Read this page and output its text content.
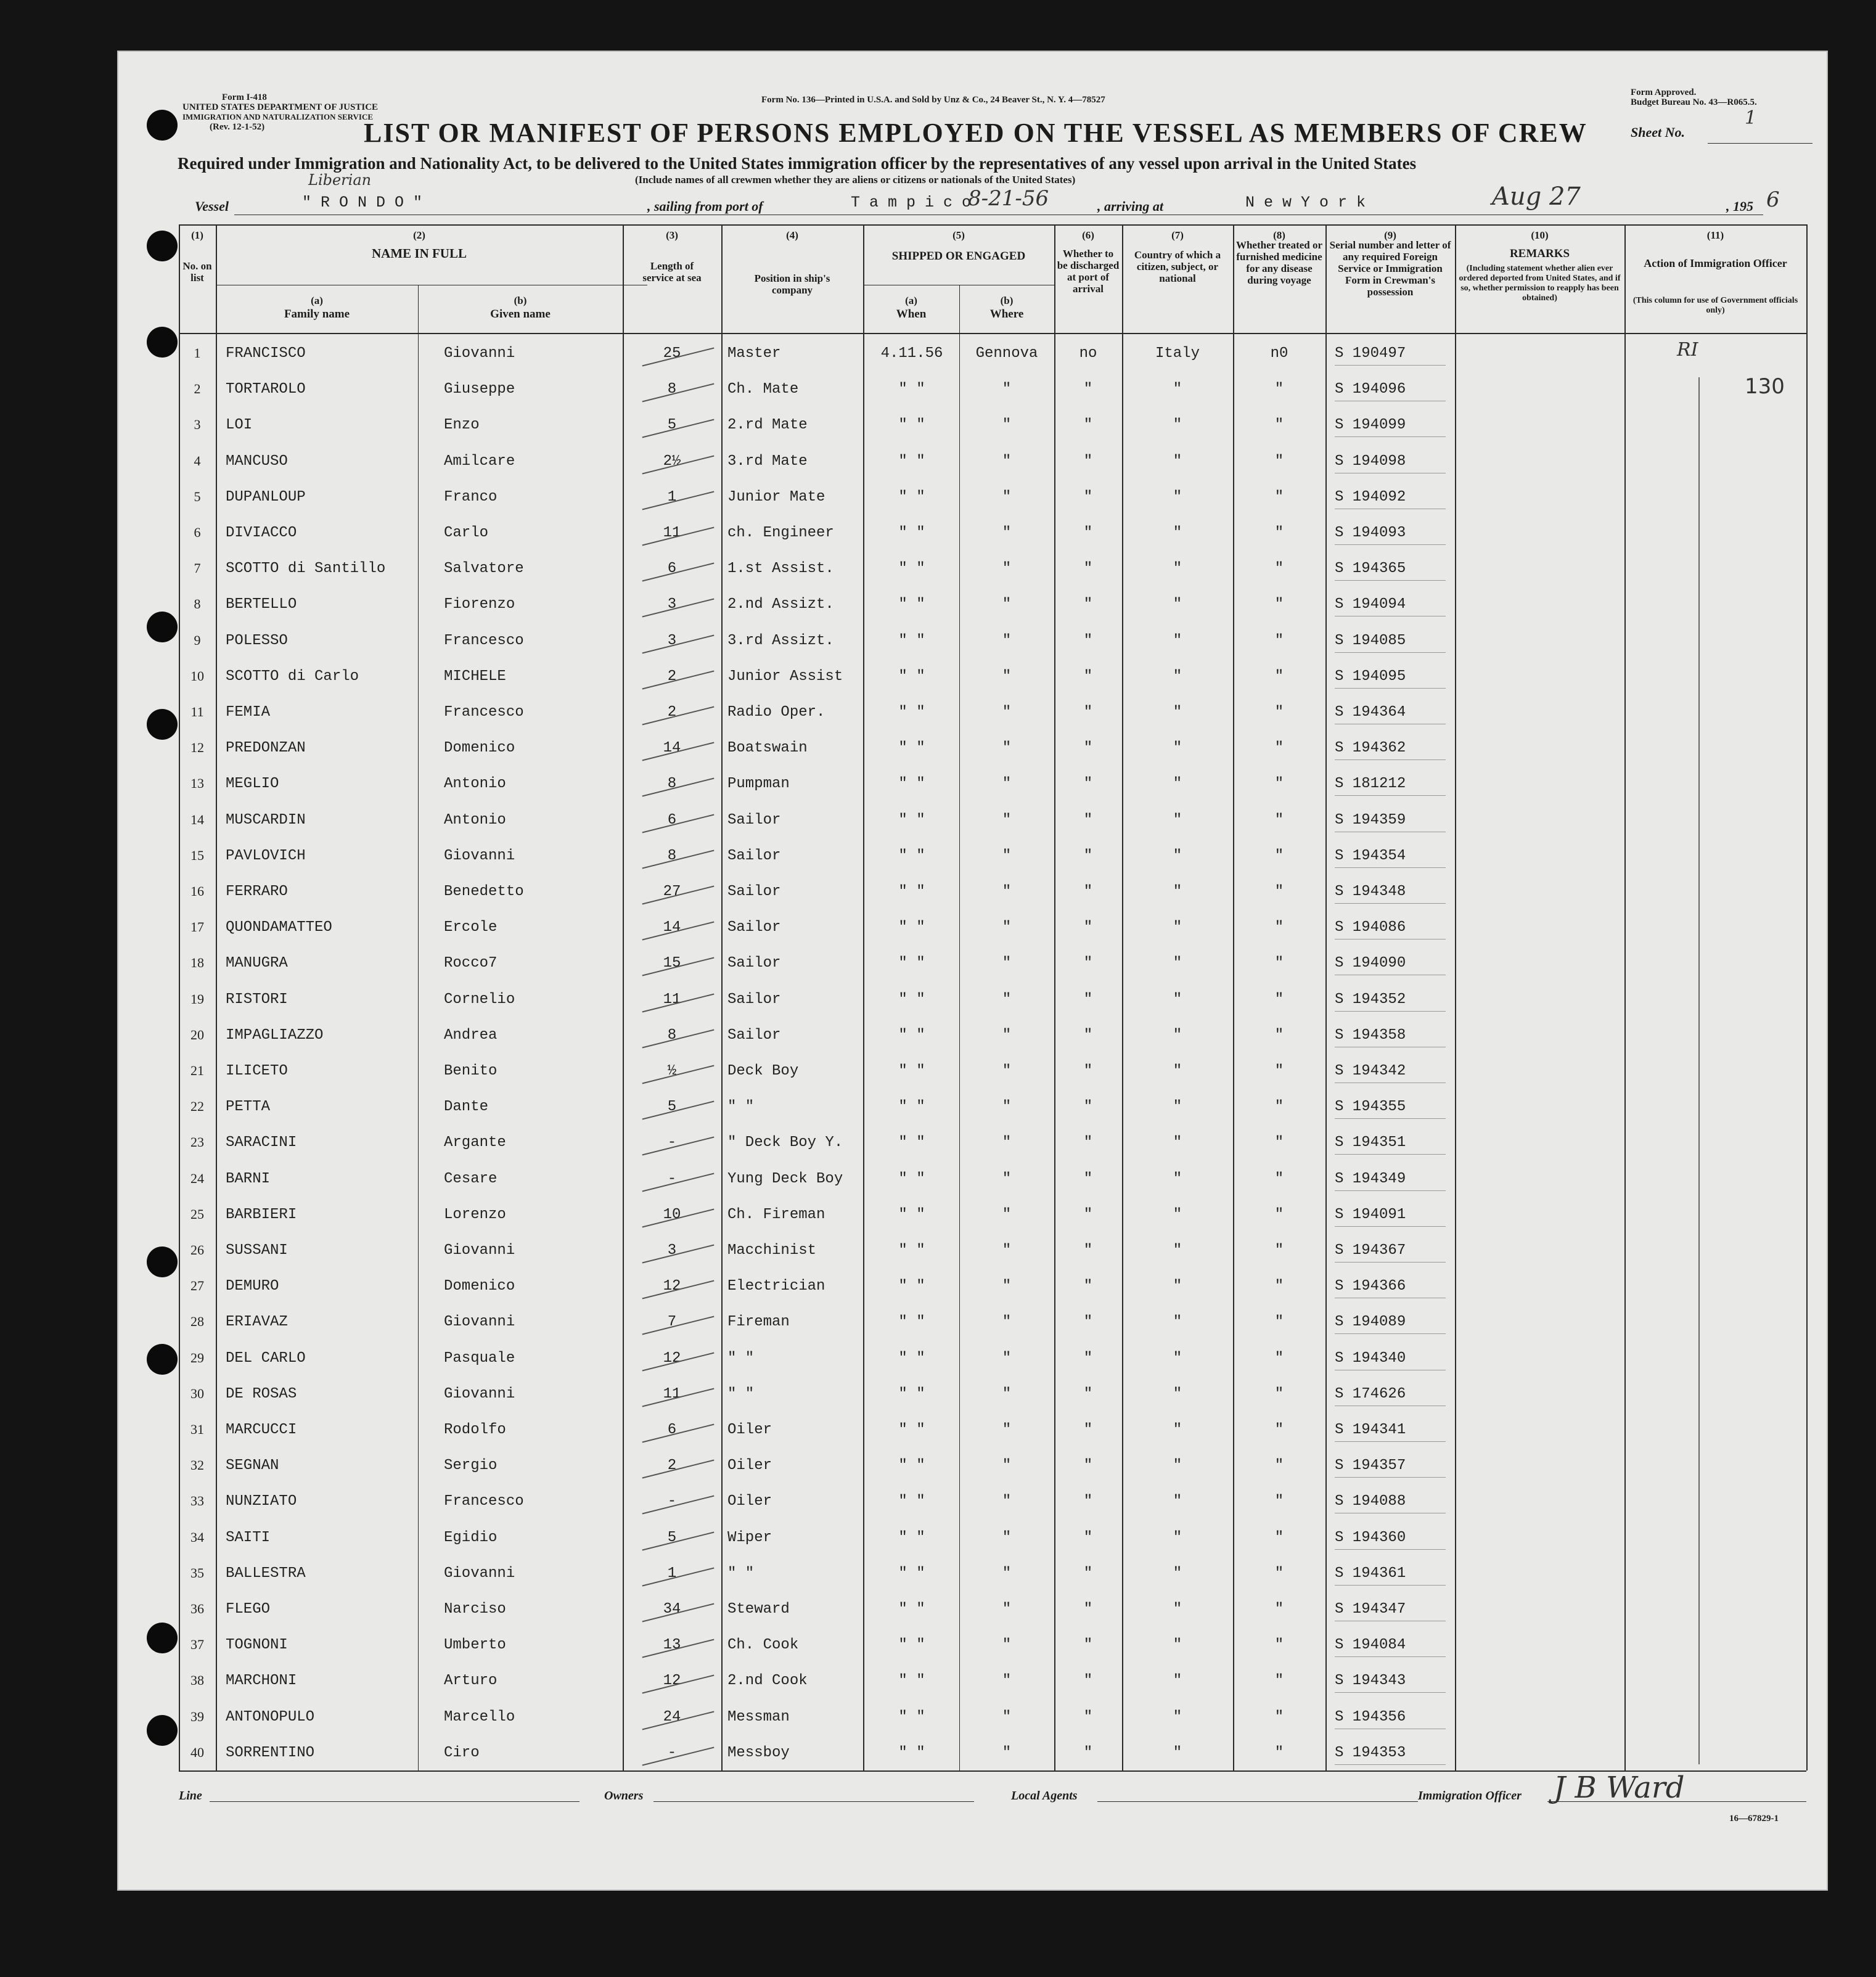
Form I-418
UNITED STATES DEPARTMENT OF JUSTICE
IMMIGRATION AND NATURALIZATION SERVICE
(Rev. 12-1-52)
Form No. 136—Printed in U.S.A. and Sold by Unz & Co., 24 Beaver St., N. Y. 4—78527
Form Approved.
Budget Bureau No. 43—R065.5.
LIST OR MANIFEST OF PERSONS EMPLOYED ON THE VESSEL AS MEMBERS OF CREW	Sheet No.
1
Required under Immigration and Nationality Act, to be delivered to the United States immigration officer by the representatives of any vessel upon arrival in the United States
(Include names of all crewmen whether they are aliens or citizens or nationals of the United States)
Vessel
Liberian
" R O N D O "	, sailing from port of	T a m p i c o
8-21-56	, arriving at	N e w Y o r k	Aug 27	, 195 6
(1)
No. on list
(2)
NAME IN FULL
(a)
Family name
(b)
Given name
(3)
Length of service at sea
(4)
Position in ship's company
(5)
SHIPPED OR ENGAGED
(a)
When
(b)
Where
(6)
Whether to be discharged at port of arrival
(7)
Country of which a citizen, subject, or national
(8)
Whether treated or furnished medicine for any disease during voyage
(9)
Serial number and letter of any required Foreign Service or Immigration Form in Crewman's possession
(10)
REMARKS
(Including statement whether alien ever ordered deported from United States, and if so, whether permission to reapply has been obtained)
(11)
Action of Immigration Officer
(This column for use of Government officials only)
1	FRANCISCO	Giovanni	25	Master	4.11.56	Gennova	no	Italy	n0	S 190497
2	TORTAROLO	Giuseppe	8	Ch. Mate	" "	"	"	"	"	S 194096
3	LOI	Enzo	5	2.rd Mate	" "	"	"	"	"	S 194099
4	MANCUSO	Amilcare	2½	3.rd Mate	" "	"	"	"	"	S 194098
5	DUPANLOUP	Franco	1	Junior Mate	" "	"	"	"	"	S 194092
6	DIVIACCO	Carlo	11	ch. Engineer	" "	"	"	"	"	S 194093
7	SCOTTO di Santillo	Salvatore	6	1.st Assist.	" "	"	"	"	"	S 194365
8	BERTELLO	Fiorenzo	3	2.nd Assizt.	" "	"	"	"	"	S 194094
9	POLESSO	Francesco	3	3.rd Assizt.	" "	"	"	"	"	S 194085
10	SCOTTO di Carlo	MICHELE	2	Junior Assist	" "	"	"	"	"	S 194095
11	FEMIA	Francesco	2	Radio Oper.	" "	"	"	"	"	S 194364
12	PREDONZAN	Domenico	14	Boatswain	" "	"	"	"	"	S 194362
13	MEGLIO	Antonio	8	Pumpman	" "	"	"	"	"	S 181212
14	MUSCARDIN	Antonio	6	Sailor	" "	"	"	"	"	S 194359
15	PAVLOVICH	Giovanni	8	Sailor	" "	"	"	"	"	S 194354
16	FERRARO	Benedetto	27	Sailor	" "	"	"	"	"	S 194348
17	QUONDAMATTEO	Ercole	14	Sailor	" "	"	"	"	"	S 194086
18	MANUGRA	Rocco7	15	Sailor	" "	"	"	"	"	S 194090
19	RISTORI	Cornelio	11	Sailor	" "	"	"	"	"	S 194352
20	IMPAGLIAZZO	Andrea	8	Sailor	" "	"	"	"	"	S 194358
21	ILICETO	Benito	½	Deck Boy	" "	"	"	"	"	S 194342
22	PETTA	Dante	5	" "	" "	"	"	"	"	S 194355
23	SARACINI	Argante	-	" Deck Boy Y.	" "	"	"	"	"	S 194351
24	BARNI	Cesare	-	Yung Deck Boy	" "	"	"	"	"	S 194349
25	BARBIERI	Lorenzo	10	Ch. Fireman	" "	"	"	"	"	S 194091
26	SUSSANI	Giovanni	3	Macchinist	" "	"	"	"	"	S 194367
27	DEMURO	Domenico	12	Electrician	" "	"	"	"	"	S 194366
28	ERIAVAZ	Giovanni	7	Fireman	" "	"	"	"	"	S 194089
29	DEL CARLO	Pasquale	12	" "	" "	"	"	"	"	S 194340
30	DE ROSAS	Giovanni	11	" "	" "	"	"	"	"	S 174626
31	MARCUCCI	Rodolfo	6	Oiler	" "	"	"	"	"	S 194341
32	SEGNAN	Sergio	2	Oiler	" "	"	"	"	"	S 194357
33	NUNZIATO	Francesco	-	Oiler	" "	"	"	"	"	S 194088
34	SAITI	Egidio	5	Wiper	" "	"	"	"	"	S 194360
35	BALLESTRA	Giovanni	1	" "	" "	"	"	"	"	S 194361
36	FLEGO	Narciso	34	Steward	" "	"	"	"	"	S 194347
37	TOGNONI	Umberto	13	Ch. Cook	" "	"	"	"	"	S 194084
38	MARCHONI	Arturo	12	2.nd Cook	" "	"	"	"	"	S 194343
39	ANTONOPULO	Marcello	24	Messman	" "	"	"	"	"	S 194356
40	SORRENTINO	Ciro	-	Messboy	" "	"	"	"	"	S 194353
RI
130
Line	Owners	Local Agents	Immigration Officer J B Ward
16—67829-1
